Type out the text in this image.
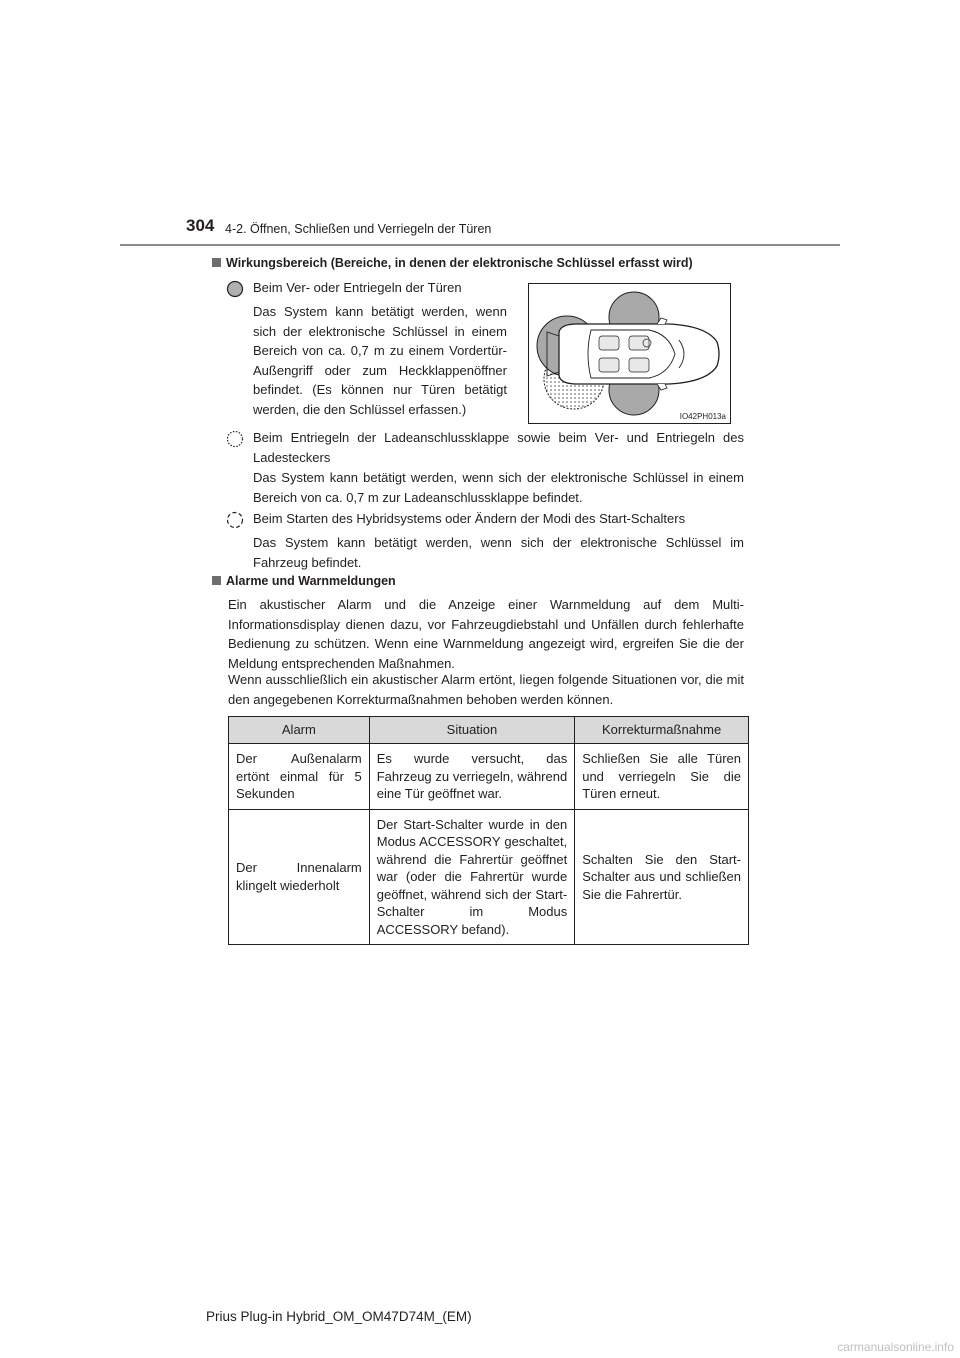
304 4-2. Öffnen, Schließen und Verriegeln der Türen
Wirkungsbereich (Bereiche, in denen der elektronische Schlüssel erfasst wird)
Beim Ver- oder Entriegeln der Türen
Das System kann betätigt werden, wenn sich der elektronische Schlüssel in einem Bereich von ca. 0,7 m zu einem Vordertür-Außengriff oder zum Heckklappenöffner befindet. (Es können nur Türen betätigt werden, die den Schlüssel erfassen.)	IO42PH013a
Beim Entriegeln der Ladeanschlussklappe sowie beim Ver- und Entriegeln des Ladesteckers
Das System kann betätigt werden, wenn sich der elektronische Schlüssel in einem Bereich von ca. 0,7 m zur Ladeanschlussklappe befindet.
Beim Starten des Hybridsystems oder Ändern der Modi des Start-Schalters
Das System kann betätigt werden, wenn sich der elektronische Schlüssel im Fahrzeug befindet.
Alarme und Warnmeldungen
Ein akustischer Alarm und die Anzeige einer Warnmeldung auf dem Multi-Informationsdisplay dienen dazu, vor Fahrzeugdiebstahl und Unfällen durch fehlerhafte Bedienung zu schützen. Wenn eine Warnmeldung angezeigt wird, ergreifen Sie die der Meldung entsprechenden Maßnahmen.
Wenn ausschließlich ein akustischer Alarm ertönt, liegen folgende Situationen vor, die mit den angegebenen Korrekturmaßnahmen behoben werden können.
Alarm	Situation	Korrekturmaßnahme
Der Außenalarm ertönt einmal für 5 Sekunden	Es wurde versucht, das Fahrzeug zu verriegeln, während eine Tür geöffnet war.	Schließen Sie alle Türen und verriegeln Sie die Türen erneut.
Der Innenalarm klingelt wiederholt	Der Start-Schalter wurde in den Modus ACCESSORY geschaltet, während die Fahrertür geöffnet war (oder die Fahrertür wurde geöffnet, während sich der Start-Schalter im Modus ACCESSORY befand).	Schalten Sie den Start-Schalter aus und schließen Sie die Fahrertür.
Prius Plug-in Hybrid_OM_OM47D74M_(EM)
carmanualsonline.info
